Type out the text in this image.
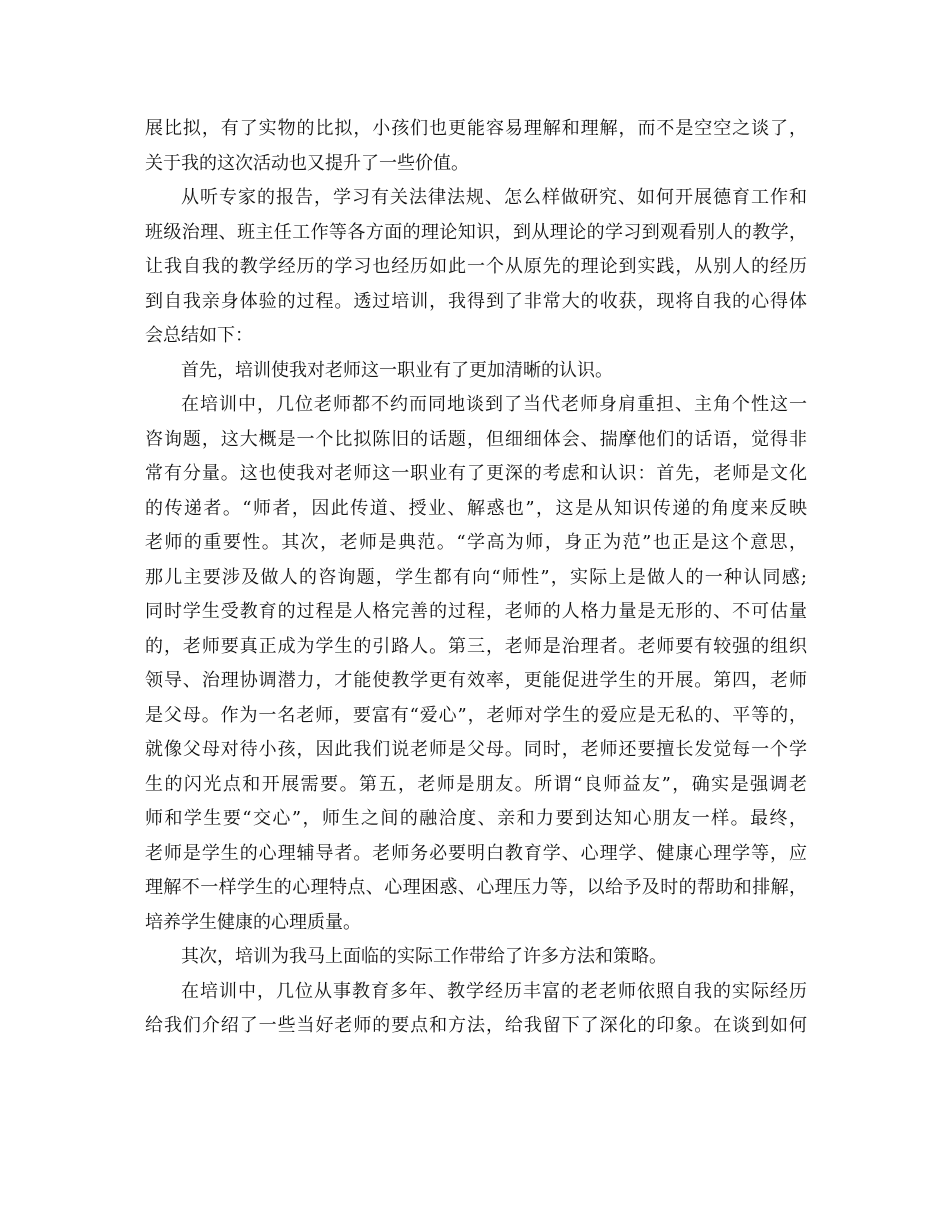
展比拟，有了实物的比拟，小孩们也更能容易理解和理解，而不是空空之谈了，
关于我的这次活动也又提升了一些价值。
从听专家的报告，学习有关法律法规、怎么样做研究、如何开展德育工作和
班级治理、班主任工作等各方面的理论知识，到从理论的学习到观看别人的教学，
让我自我的教学经历的学习也经历如此一个从原先的理论到实践，从别人的经历
到自我亲身体验的过程。透过培训，我得到了非常大的收获，现将自我的心得体
会总结如下：
首先，培训使我对老师这一职业有了更加清晰的认识。
在培训中，几位老师都不约而同地谈到了当代老师身肩重担、主角个性这一
咨询题，这大概是一个比拟陈旧的话题，但细细体会、揣摩他们的话语，觉得非
常有分量。这也使我对老师这一职业有了更深的考虑和认识：首先，老师是文化
的传递者。“师者，因此传道、授业、解惑也”，这是从知识传递的角度来反映
老师的重要性。其次，老师是典范。“学高为师，身正为范”也正是这个意思，
那儿主要涉及做人的咨询题，学生都有向“师性”，实际上是做人的一种认同感;
同时学生受教育的过程是人格完善的过程，老师的人格力量是无形的、不可估量
的，老师要真正成为学生的引路人。第三，老师是治理者。老师要有较强的组织
领导、治理协调潜力，才能使教学更有效率，更能促进学生的开展。第四，老师
是父母。作为一名老师，要富有“爱心”，老师对学生的爱应是无私的、平等的，
就像父母对待小孩，因此我们说老师是父母。同时，老师还要擅长发觉每一个学
生的闪光点和开展需要。第五，老师是朋友。所谓“良师益友”，确实是强调老
师和学生要“交心”，师生之间的融洽度、亲和力要到达知心朋友一样。最终，
老师是学生的心理辅导者。老师务必要明白教育学、心理学、健康心理学等，应
理解不一样学生的心理特点、心理困惑、心理压力等，以给予及时的帮助和排解，
培养学生健康的心理质量。
其次，培训为我马上面临的实际工作带给了许多方法和策略。
在培训中，几位从事教育多年、教学经历丰富的老老师依照自我的实际经历
给我们介绍了一些当好老师的要点和方法，给我留下了深化的印象。在谈到如何
